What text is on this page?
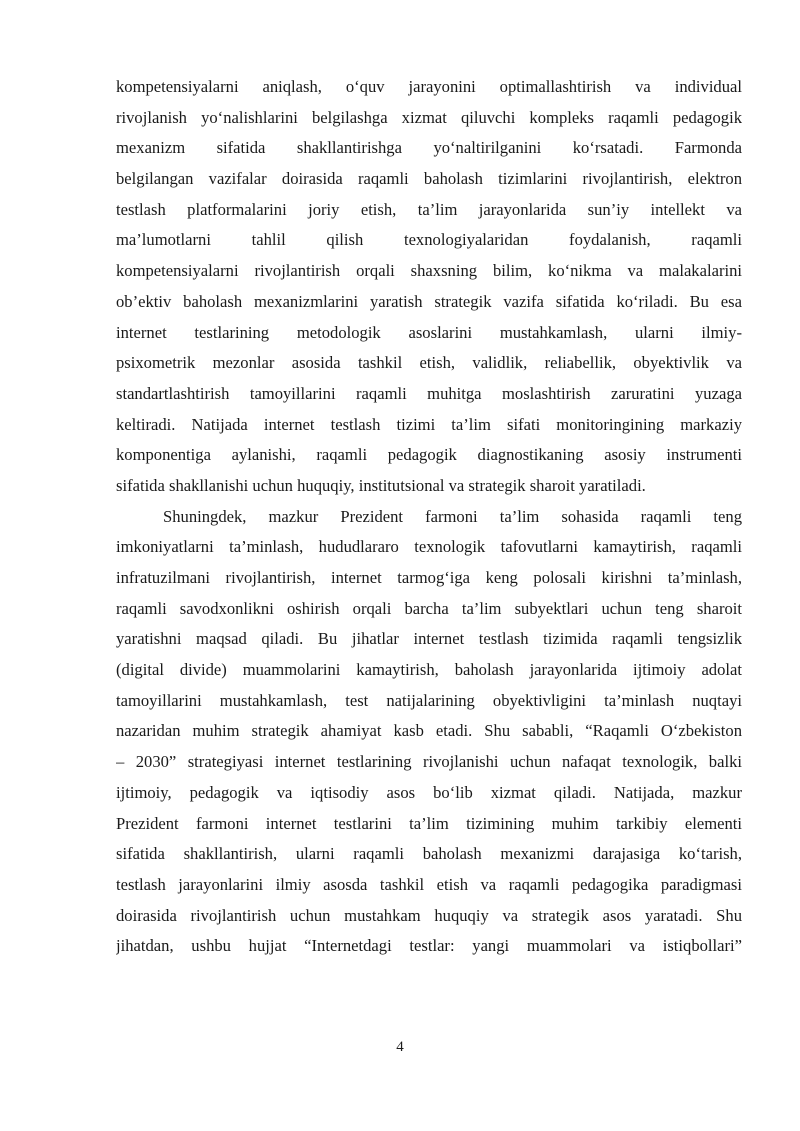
kompetensiyalarni aniqlash, o‘quv jarayonini optimallashtirish va individual
rivojlanish yo‘nalishlarini belgilashga xizmat qiluvchi kompleks raqamli pedagogik
mexanizm sifatida shakllantirishga yo‘naltirilganini ko‘rsatadi. Farmonda
belgilangan vazifalar doirasida raqamli baholash tizimlarini rivojlantirish, elektron
testlash platformalarini joriy etish, ta’lim jarayonlarida sun’iy intellekt va
ma’lumotlarni tahlil qilish texnologiyalaridan foydalanish, raqamli
kompetensiyalarni rivojlantirish orqali shaxsning bilim, ko‘nikma va malakalarini
ob’ektiv baholash mexanizmlarini yaratish strategik vazifa sifatida ko‘riladi. Bu esa
internet testlarining metodologik asoslarini mustahkamlash, ularni ilmiy-
psixometrik mezonlar asosida tashkil etish, validlik, reliabellik, obyektivlik va
standartlashtirish tamoyillarini raqamli muhitga moslashtirish zaruratini yuzaga
keltiradi. Natijada internet testlash tizimi ta’lim sifati monitoringining markaziy
komponentiga aylanishi, raqamli pedagogik diagnostikaning asosiy instrumenti
sifatida shakllanishi uchun huquqiy, institutsional va strategik sharoit yaratiladi.
Shuningdek, mazkur Prezident farmoni ta’lim sohasida raqamli teng
imkoniyatlarni ta’minlash, hududlararo texnologik tafovutlarni kamaytirish, raqamli
infratuzilmani rivojlantirish, internet tarmog‘iga keng polosali kirishni ta’minlash,
raqamli savodxonlikni oshirish orqali barcha ta’lim subyektlari uchun teng sharoit
yaratishni maqsad qiladi. Bu jihatlar internet testlash tizimida raqamli tengsizlik
(digital divide) muammolarini kamaytirish, baholash jarayonlarida ijtimoiy adolat
tamoyillarini mustahkamlash, test natijalarining obyektivligini ta’minlash nuqtayi
nazaridan muhim strategik ahamiyat kasb etadi. Shu sababli, “Raqamli O‘zbekiston
– 2030” strategiyasi internet testlarining rivojlanishi uchun nafaqat texnologik, balki
ijtimoiy, pedagogik va iqtisodiy asos bo‘lib xizmat qiladi. Natijada, mazkur
Prezident farmoni internet testlarini ta’lim tizimining muhim tarkibiy elementi
sifatida shakllantirish, ularni raqamli baholash mexanizmi darajasiga ko‘tarish,
testlash jarayonlarini ilmiy asosda tashkil etish va raqamli pedagogika paradigmasi
doirasida rivojlantirish uchun mustahkam huquqiy va strategik asos yaratadi. Shu
jihatdan, ushbu hujjat “Internetdagi testlar: yangi muammolari va istiqbollari”
4
